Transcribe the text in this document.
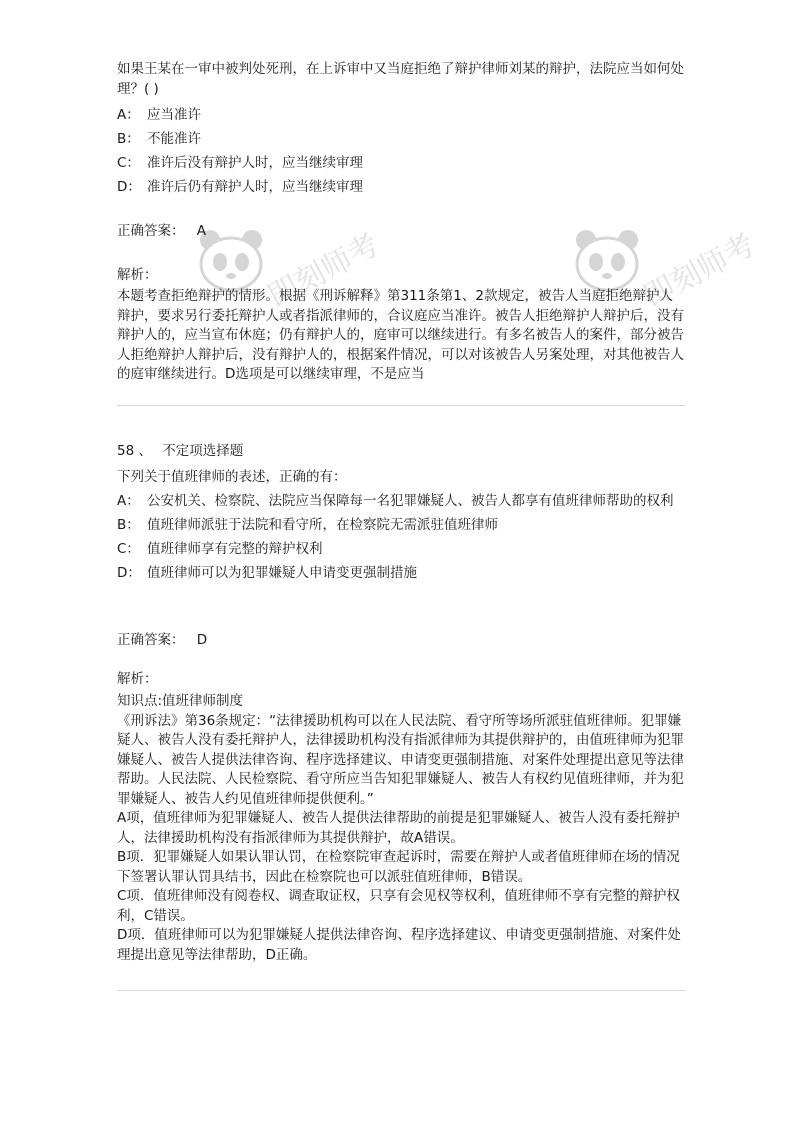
如果王某在一审中被判处死刑，在上诉审中又当庭拒绝了辩护律师刘某的辩护，法院应当如何处理？( )
A： 应当准许
B： 不能准许
C： 准许后没有辩护人时，应当继续审理
D： 准许后仍有辩护人时，应当继续审理
正确答案： A
解析：
本题考查拒绝辩护的情形。根据《刑诉解释》第311条第1、2款规定，被告人当庭拒绝辩护人辩护，要求另行委托辩护人或者指派律师的，合议庭应当准许。被告人拒绝辩护人辩护后，没有辩护人的，应当宣布休庭；仍有辩护人的，庭审可以继续进行。有多名被告人的案件，部分被告人拒绝辩护人辩护后，没有辩护人的，根据案件情况，可以对该被告人另案处理，对其他被告人的庭审继续进行。D选项是可以继续审理，不是应当
58 、 不定项选择题
下列关于值班律师的表述，正确的有：
A： 公安机关、检察院、法院应当保障每一名犯罪嫌疑人、被告人都享有值班律师帮助的权利
B： 值班律师派驻于法院和看守所，在检察院无需派驻值班律师
C： 值班律师享有完整的辩护权利
D： 值班律师可以为犯罪嫌疑人申请变更强制措施
正确答案： D
解析：
知识点:值班律师制度
《刑诉法》第36条规定：“法律援助机构可以在人民法院、看守所等场所派驻值班律师。犯罪嫌疑人、被告人没有委托辩护人，法律援助机构没有指派律师为其提供辩护的，由值班律师为犯罪嫌疑人、被告人提供法律咨询、程序选择建议、申请变更强制措施、对案件处理提出意见等法律帮助。人民法院、人民检察院、看守所应当告知犯罪嫌疑人、被告人有权约见值班律师，并为犯罪嫌疑人、被告人约见值班律师提供便利。”
A项，值班律师为犯罪嫌疑人、被告人提供法律帮助的前提是犯罪嫌疑人、被告人没有委托辩护人，法律援助机构没有指派律师为其提供辩护，故A错误。
B项．犯罪嫌疑人如果认罪认罚，在检察院审查起诉时，需要在辩护人或者值班律师在场的情况下签署认罪认罚具结书，因此在检察院也可以派驻值班律师，B错误。
C项．值班律师没有阅卷权、调查取证权，只享有会见权等权利，值班律师不享有完整的辩护权利，C错误。
D项．值班律师可以为犯罪嫌疑人提供法律咨询、程序选择建议、申请变更强制措施、对案件处理提出意见等法律帮助，D正确。
即刻师考	即刻师考
